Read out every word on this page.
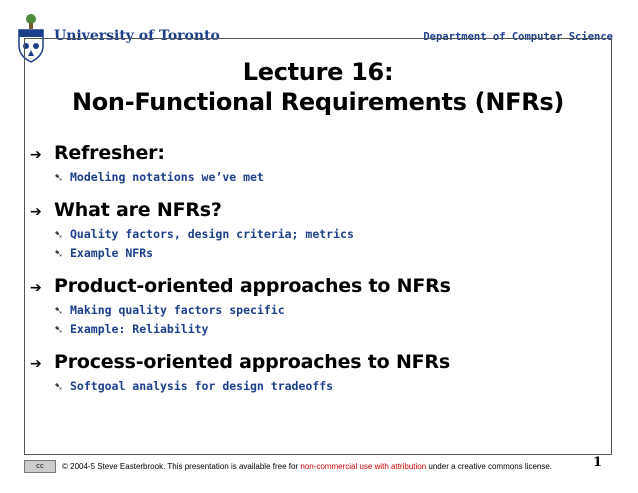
University of Toronto	Department of Computer Science
Lecture 16:
Non-Functional Requirements (NFRs)
➔ Refresher:
➷ Modeling notations we’ve met
➔ What are NFRs?
➷ Quality factors, design criteria; metrics
➷ Example NFRs
➔ Product-oriented approaches to NFRs
➷ Making quality factors specific
➷ Example: Reliability
➔ Process-oriented approaches to NFRs
➷ Softgoal analysis for design tradeoffs
cc	© 2004-5 Steve Easterbrook. This presentation is available free for non-commercial use with attribution under a creative commons license.	1
